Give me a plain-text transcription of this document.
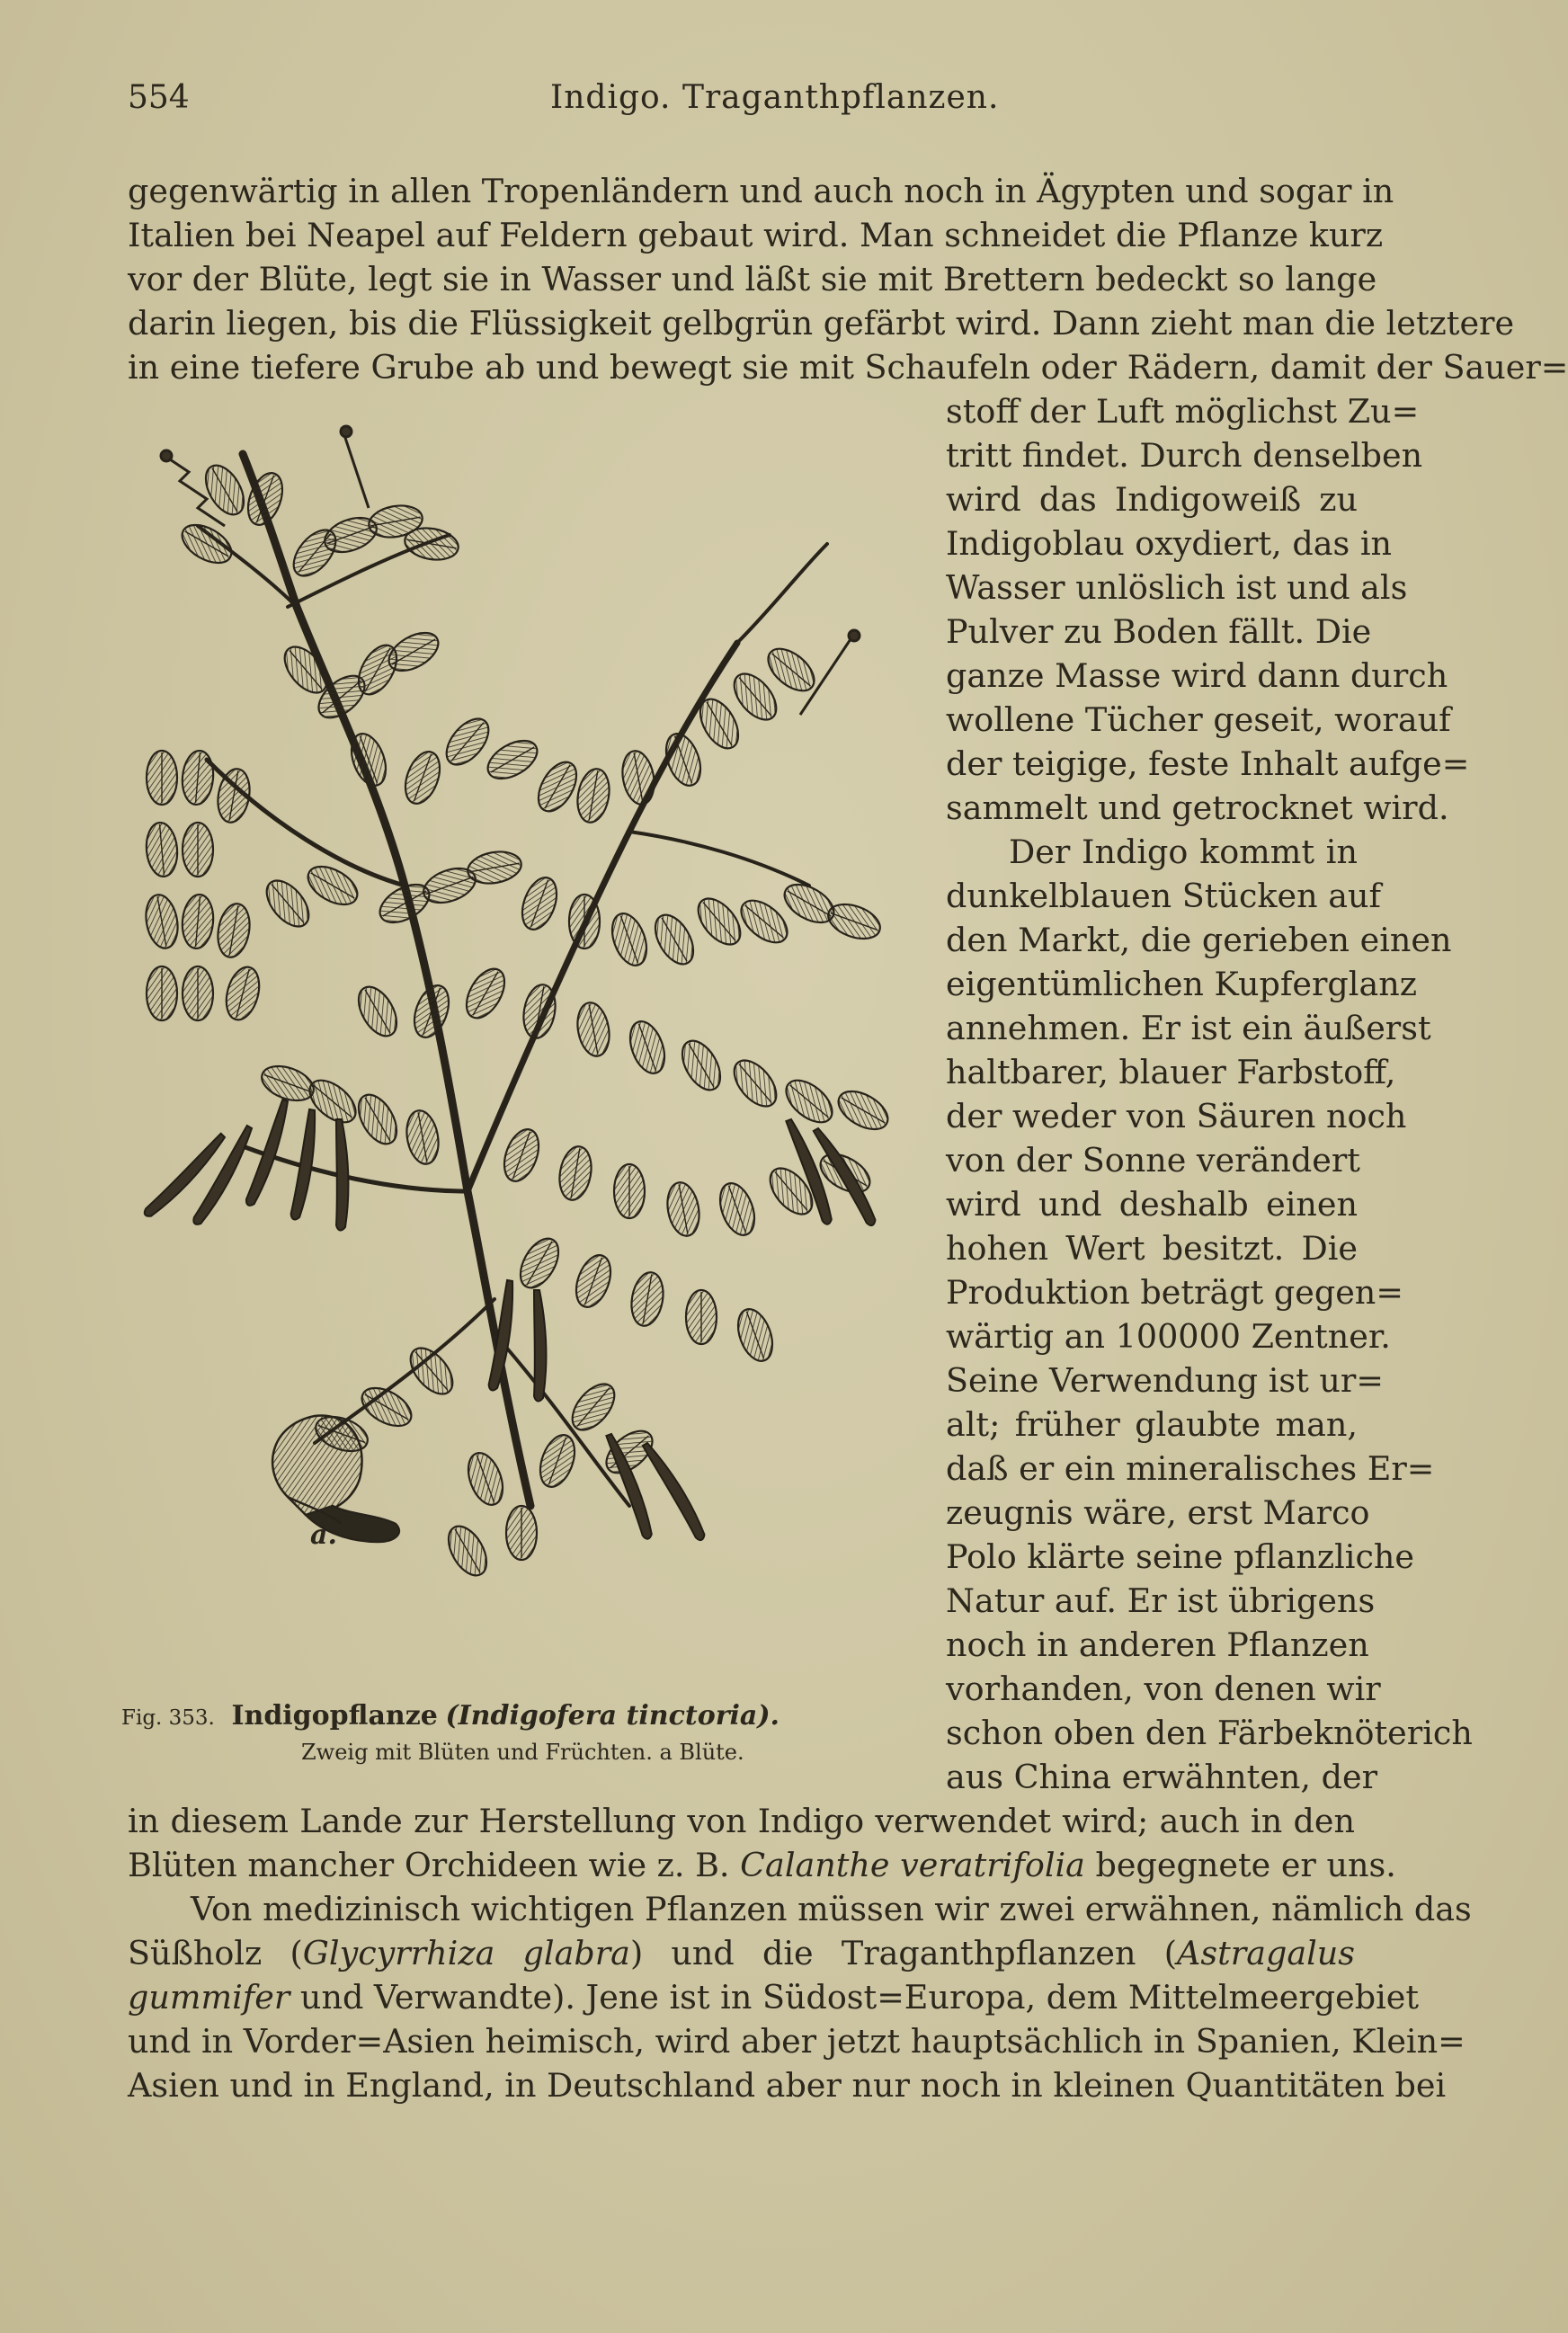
554	Indigo. Traganthpflanzen.
gegenwärtig in allen Tropenländern und auch noch in Ägypten und sogar in
Italien bei Neapel auf Feldern gebaut wird. Man schneidet die Pflanze kurz
vor der Blüte, legt sie in Wasser und läßt sie mit Brettern bedeckt so lange
darin liegen, bis die Flüssigkeit gelbgrün gefärbt wird. Dann zieht man die letztere
in eine tiefere Grube ab und bewegt sie mit Schaufeln oder Rädern, damit der Sauer=
stoff der Luft möglichst Zu=
tritt findet. Durch denselben
wird das Indigoweiß zu
Indigoblau oxydiert, das in
Wasser unlöslich ist und als
Pulver zu Boden fällt. Die
ganze Masse wird dann durch
wollene Tücher geseit, worauf
der teigige, feste Inhalt aufge=
sammelt und getrocknet wird.
Der Indigo kommt in
dunkelblauen Stücken auf
den Markt, die gerieben einen
eigentümlichen Kupferglanz
annehmen. Er ist ein äußerst
haltbarer, blauer Farbstoff,
der weder von Säuren noch
von der Sonne verändert
wird und deshalb einen
hohen Wert besitzt. Die
Produktion beträgt gegen=
wärtig an 100000 Zentner.
Seine Verwendung ist ur=
alt; früher glaubte man,
daß er ein mineralisches Er=
zeugnis wäre, erst Marco
Polo klärte seine pflanzliche
Natur auf. Er ist übrigens
noch in anderen Pflanzen
vorhanden, von denen wir
schon oben den Färbeknöterich
aus China erwähnten, der
a.
Fig. 353. Indigopflanze (Indigofera tinctoria).
Zweig mit Blüten und Früchten. a Blüte.
in diesem Lande zur Herstellung von Indigo verwendet wird; auch in den
Blüten mancher Orchideen wie z. B. Calanthe veratrifolia begegnete er uns.
Von medizinisch wichtigen Pflanzen müssen wir zwei erwähnen, nämlich das
Süßholz (Glycyrrhiza glabra) und die Traganthpflanzen (Astragalus
gummifer und Verwandte). Jene ist in Südost=Europa, dem Mittelmeergebiet
und in Vorder=Asien heimisch, wird aber jetzt hauptsächlich in Spanien, Klein=
Asien und in England, in Deutschland aber nur noch in kleinen Quantitäten bei
